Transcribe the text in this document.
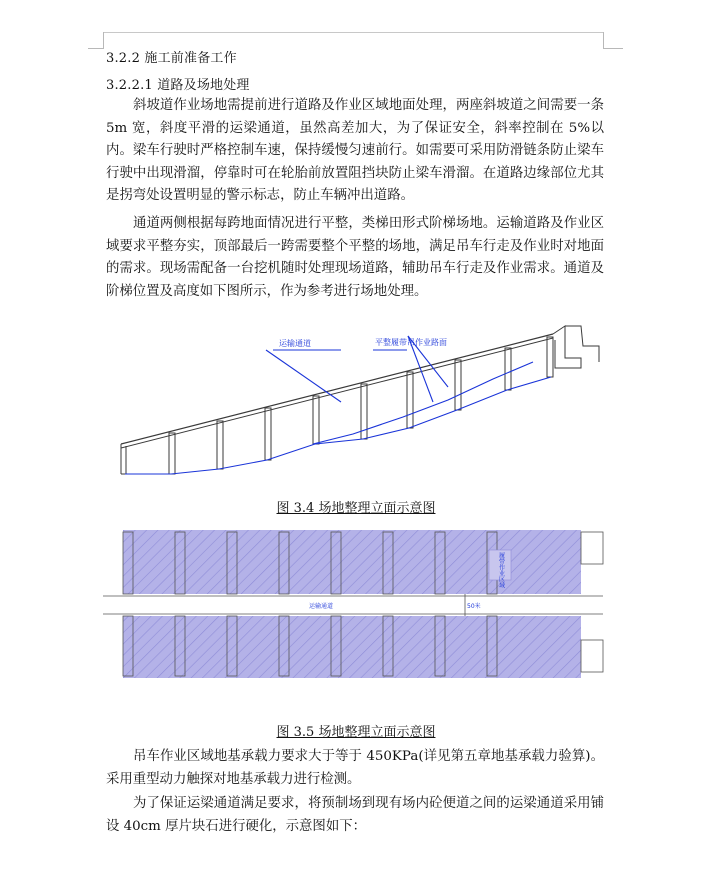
3.2.2 施工前准备工作
3.2.2.1 道路及场地处理
斜坡道作业场地需提前进行道路及作业区域地面处理，两座斜坡道之间需要一条 5m 宽，斜度平滑的运梁通道，虽然高差加大，为了保证安全，斜率控制在 5%以内。梁车行驶时严格控制车速，保持缓慢匀速前行。如需要可采用防滑链条防止梁车行驶中出现滑溜，停靠时可在轮胎前放置阻挡块防止梁车滑溜。在道路边缘部位尤其是拐弯处设置明显的警示标志，防止车辆冲出道路。
通道两侧根据每跨地面情况进行平整，类梯田形式阶梯场地。运输道路及作业区域要求平整夯实，顶部最后一跨需要整个平整的场地，满足吊车行走及作业时对地面的需求。现场需配备一台挖机随时处理现场道路，辅助吊车行走及作业需求。通道及阶梯位置及高度如下图所示，作为参考进行场地处理。
运输通道	平整履带吊作业路面
图 3.4 场地整理立面示意图
履带作业区域
运输通道	50米
图 3.5 场地整理立面示意图
吊车作业区域地基承载力要求大于等于 450KPa(详见第五章地基承载力验算)。采用重型动力触探对地基承载力进行检测。
为了保证运梁通道满足要求，将预制场到现有场内砼便道之间的运梁通道采用铺设 40cm 厚片块石进行硬化，示意图如下：
